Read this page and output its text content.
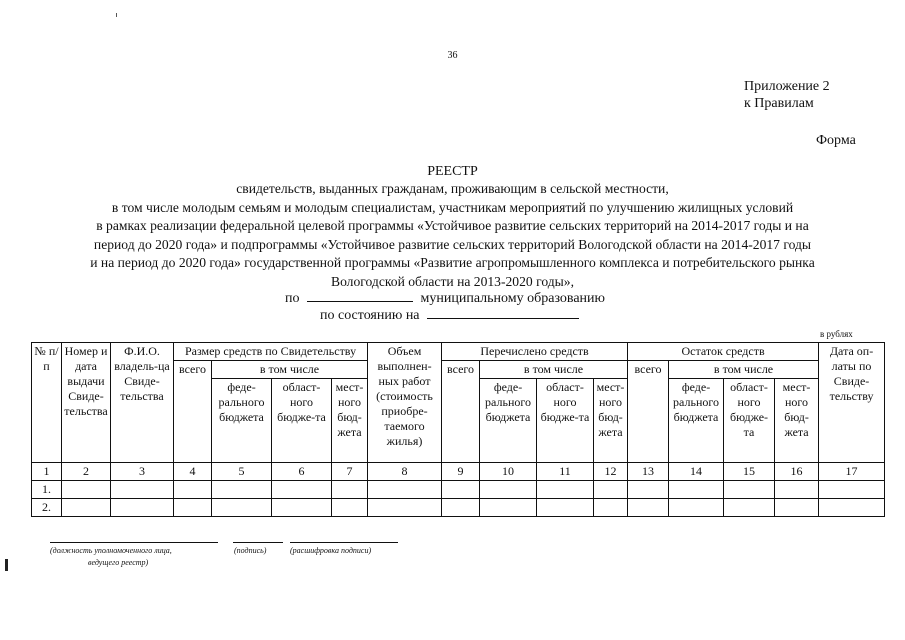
36
Приложение 2
к Правилам
Форма
РЕЕСТР
свидетельств, выданных гражданам, проживающим в сельской местности,
в том числе молодым семьям и молодым специалистам, участникам мероприятий по улучшению жилищных условий
в рамках реализации федеральной целевой программы «Устойчивое развитие сельских территорий на 2014-2017 годы и на
период до 2020 года» и подпрограммы «Устойчивое развитие сельских территорий Вологодской области на 2014-2017 годы
и на период до 2020 года» государственной программы «Развитие агропромышленного комплекса и потребительского рынка
Вологодской области на 2013-2020 годы»,
по	муниципальному образованию
по состоянию на
в рублях
№ п/п	Номер и дата выдачи Свиде-тельства	Ф.И.О. владель-ца Свиде-тельства	Размер средств по Свидетельству				Объем выполнен-ных работ (стоимость приобре-таемого жилья)	Перечислено средств				Остаток средств				Дата оп-латы по Свиде-тельству
			всего	в том числе				всего	в том числе			всего	в том числе			
				феде-рального бюджета	област-ного бюдже-та	мест-ного бюд-жета			феде-рального бюджета	област-ного бюдже-та	мест-ного бюд-жета		феде-рального бюджета	област-ного бюдже-та	мест-ного бюд-жета	
1	2	3	4	5	6	7	8	9	10	11	12	13	14	15	16	17
1.																
2.																
(должность уполномоченного лица,
ведущего реестр)
(подпись)	(расшифровка подписи)
